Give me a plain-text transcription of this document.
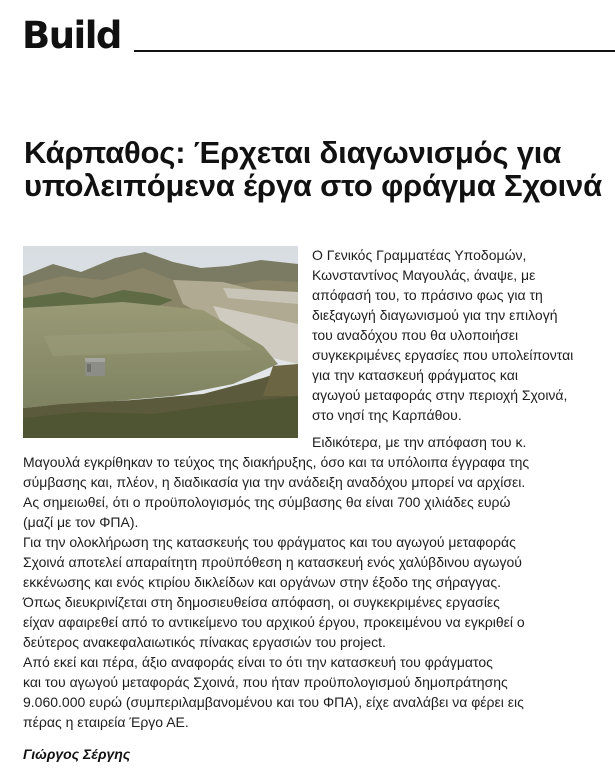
Build
Κάρπαθος: Έρχεται διαγωνισμός για υπολειπόμενα έργα στο φράγμα Σχοινά

Ο Γενικός Γραμματέας Υποδομών,
Κωνσταντίνος Μαγουλάς, άναψε, με
απόφασή του, το πράσινο φως για τη
διεξαγωγή διαγωνισμού για την επιλογή
του αναδόχου που θα υλοποιήσει
συγκεκριμένες εργασίες που υπολείπονται
για την κατασκευή φράγματος και
αγωγού μεταφοράς στην περιοχή Σχοινά,
στο νησί της Καρπάθου.

Ειδικότερα, με την απόφαση του κ.
Μαγουλά εγκρίθηκαν το τεύχος της διακήρυξης, όσο και τα υπόλοιπα έγγραφα της
σύμβασης και, πλέον, η διαδικασία για την ανάδειξη αναδόχου μπορεί να αρχίσει.
Ας σημειωθεί, ότι ο προϋπολογισμός της σύμβασης θα είναι 700 χιλιάδες ευρώ
(μαζί με τον ΦΠΑ).
Για την ολοκλήρωση της κατασκευής του φράγματος και του αγωγού μεταφοράς
Σχοινά αποτελεί απαραίτητη προϋπόθεση η κατασκευή ενός χαλύβδινου αγωγού
εκκένωσης και ενός κτιρίου δικλείδων και οργάνων στην έξοδο της σήραγγας.
Όπως διευκρινίζεται στη δημοσιευθείσα απόφαση, οι συγκεκριμένες εργασίες
είχαν αφαιρεθεί από το αντικείμενο του αρχικού έργου, προκειμένου να εγκριθεί ο
δεύτερος ανακεφαλαιωτικός πίνακας εργασιών του project.
Από εκεί και πέρα, άξιο αναφοράς είναι το ότι την κατασκευή του φράγματος
και του αγωγού μεταφοράς Σχοινά, που ήταν προϋπολογισμού δημοπράτησης
9.060.000 ευρώ (συμπεριλαμβανομένου και του ΦΠΑ), είχε αναλάβει να φέρει εις
πέρας η εταιρεία Έργο ΑΕ.

Γιώργος Σέργης
